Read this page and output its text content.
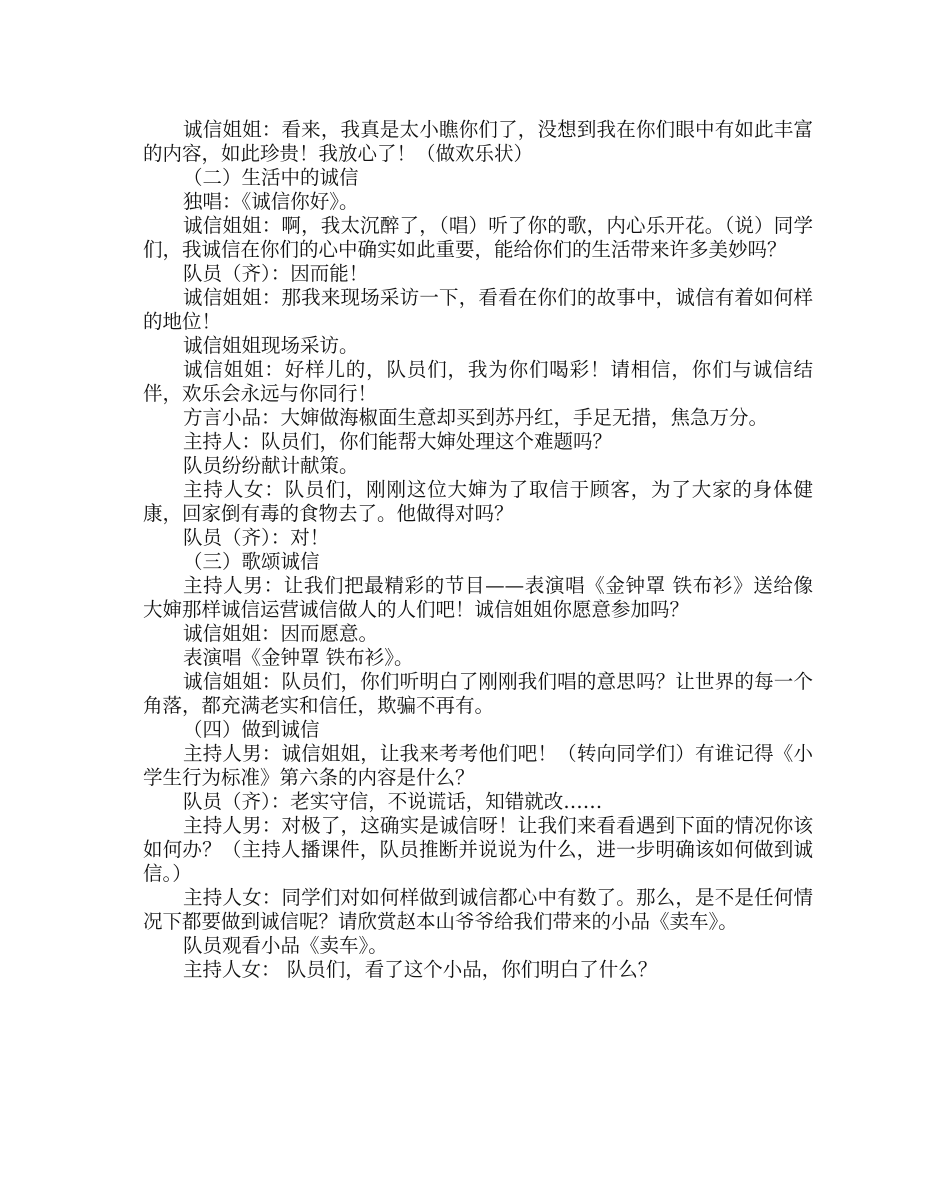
诚信姐姐：看来，我真是太小瞧你们了，没想到我在你们眼中有如此丰富的内容，如此珍贵！我放心了！（做欢乐状）

（二）生活中的诚信

独唱：《诚信你好》。

诚信姐姐：啊，我太沉醉了，（唱）听了你的歌，内心乐开花。（说）同学们，我诚信在你们的心中确实如此重要，能给你们的生活带来许多美妙吗？

队员（齐）：因而能！

诚信姐姐：那我来现场采访一下，看看在你们的故事中，诚信有着如何样的地位！

诚信姐姐现场采访。

诚信姐姐：好样儿的，队员们，我为你们喝彩！请相信，你们与诚信结伴，欢乐会永远与你同行！

方言小品：大婶做海椒面生意却买到苏丹红，手足无措，焦急万分。

主持人：队员们，你们能帮大婶处理这个难题吗？

队员纷纷献计献策。

主持人女：队员们，刚刚这位大婶为了取信于顾客，为了大家的身体健康，回家倒有毒的食物去了。他做得对吗？

队员（齐）：对！

（三）歌颂诚信

主持人男：让我们把最精彩的节目——表演唱《金钟罩 铁布衫》送给像大婶那样诚信运营诚信做人的人们吧！诚信姐姐你愿意参加吗？

诚信姐姐：因而愿意。

表演唱《金钟罩 铁布衫》。

诚信姐姐：队员们，你们听明白了刚刚我们唱的意思吗？让世界的每一个角落，都充满老实和信任，欺骗不再有。

（四）做到诚信

主持人男：诚信姐姐，让我来考考他们吧！（转向同学们）有谁记得《小学生行为标准》第六条的内容是什么？

队员（齐）：老实守信，不说谎话，知错就改……

主持人男：对极了，这确实是诚信呀！让我们来看看遇到下面的情况你该如何办？（主持人播课件，队员推断并说说为什么，进一步明确该如何做到诚信。）

主持人女：同学们对如何样做到诚信都心中有数了。那么，是不是任何情况下都要做到诚信呢？请欣赏赵本山爷爷给我们带来的小品《卖车》。

队员观看小品《卖车》。

主持人女： 队员们，看了这个小品，你们明白了什么？
